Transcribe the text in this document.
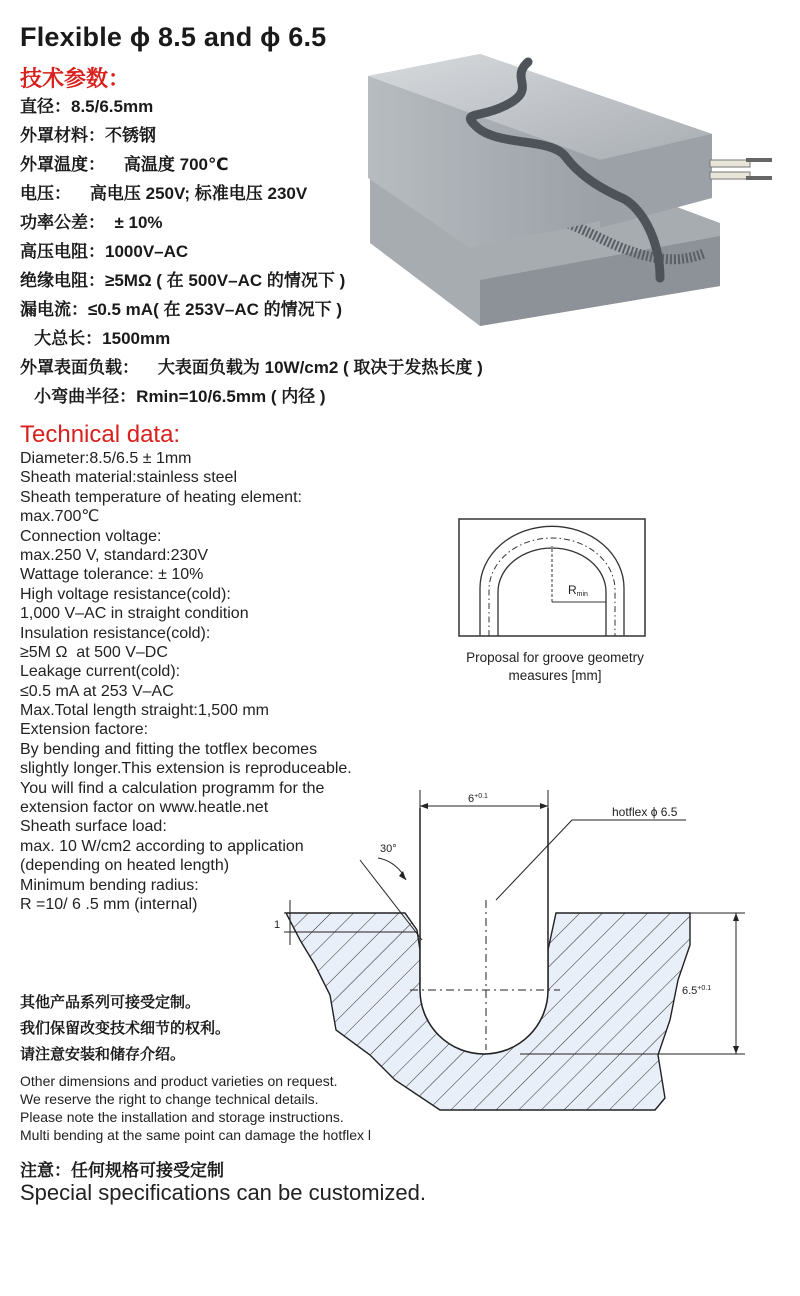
Flexible ϕ 8.5 and ϕ 6.5
技术参数：
直径：8.5/6.5mm
外罩材料：不锈钢
外罩温度：    高温度 700℃
电压：    高电压 250V; 标准电压 230V
功率公差：  ± 10%
高压电阻：1000V–AC
绝缘电阻：≥5MΩ ( 在 500V–AC 的情况下 )
漏电流：≤0.5 mA( 在 253V–AC 的情况下 )
大总长：1500mm
外罩表面负载：    大表面负载为 10W/cm2 ( 取决于发热长度 )
小弯曲半径：Rmin=10/6.5mm ( 内径 )
Technical data:
Diameter:8.5/6.5 ± 1mm
Sheath material:stainless steel
Sheath temperature of heating element:
max.700℃
Connection voltage:
max.250 V, standard:230V
Wattage tolerance: ± 10%
High voltage resistance(cold):
1,000 V–AC in straight condition
Insulation resistance(cold):
≥5M Ω  at 500 V–DC
Leakage current(cold):
≤0.5 mA at 253 V–AC
Max.Total length straight:1,500 mm
Extension factore:
By bending and fitting the totflex becomes
slightly longer.This extension is reproduceable.
You will find a calculation programm for the
extension factor on www.heatle.net
Sheath surface load:
max. 10 W/cm2 according to application
(depending on heated length)
Minimum bending radius:
R =10/ 6 .5 mm (internal)
Rmin
Proposal for groove geometry
measures [mm]
$6^{+0.1}$
hotflex ϕ 6.5
30°
1
$6.5^{+0.1}$
其他产品系列可接受定制。
我们保留改变技术细节的权利。
请注意安装和储存介绍。
Other dimensions and product varieties on request.
We reserve the right to change technical details.
Please note the installation and storage instructions.
Multi bending at the same point can damage the hotflex l
注意：任何规格可接受定制
Special specifications can be customized.
